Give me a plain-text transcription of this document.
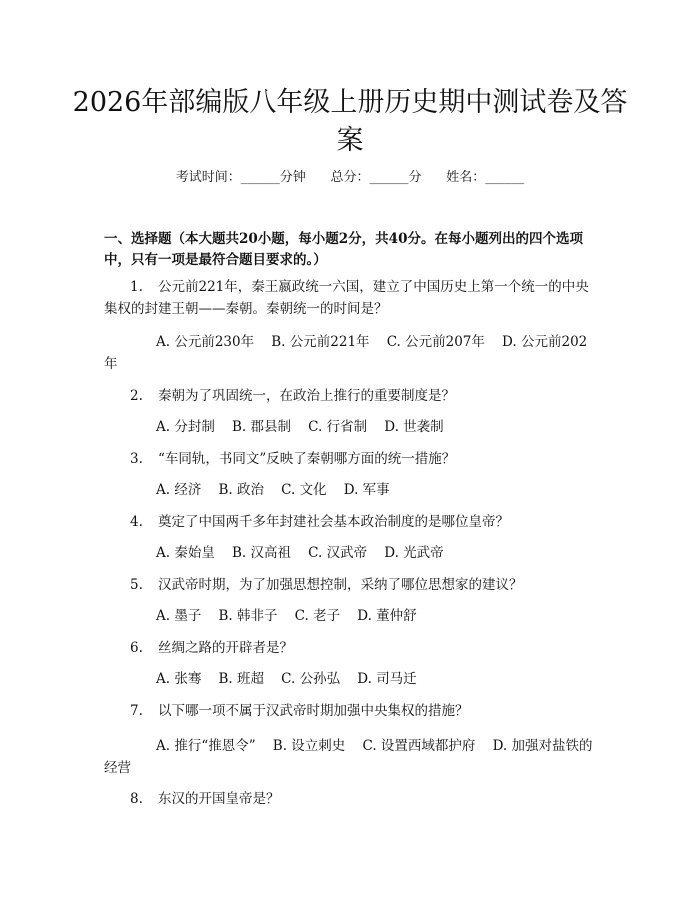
2026年部编版八年级上册历史期中测试卷及答案
考试时间：______分钟      总分：______分      姓名：______
一、选择题（本大题共20小题，每小题2分，共40分。在每小题列出的四个选项中，只有一项是最符合题目要求的。）
1. 公元前221年，秦王嬴政统一六国，建立了中国历史上第一个统一的中央集权的封建王朝——秦朝。秦朝统一的时间是？
A. 公元前230年    B. 公元前221年    C. 公元前207年    D. 公元前202年
2. 秦朝为了巩固统一，在政治上推行的重要制度是？
A. 分封制    B. 郡县制    C. 行省制    D. 世袭制
3. “车同轨，书同文”反映了秦朝哪方面的统一措施？
A. 经济    B. 政治    C. 文化    D. 军事
4. 奠定了中国两千多年封建社会基本政治制度的是哪位皇帝？
A. 秦始皇    B. 汉高祖    C. 汉武帝    D. 光武帝
5. 汉武帝时期，为了加强思想控制，采纳了哪位思想家的建议？
A. 墨子    B. 韩非子    C. 老子    D. 董仲舒
6. 丝绸之路的开辟者是？
A. 张骞    B. 班超    C. 公孙弘    D. 司马迁
7. 以下哪一项不属于汉武帝时期加强中央集权的措施？
A. 推行“推恩令”    B. 设立刺史    C. 设置西域都护府    D. 加强对盐铁的经营
8. 东汉的开国皇帝是？
